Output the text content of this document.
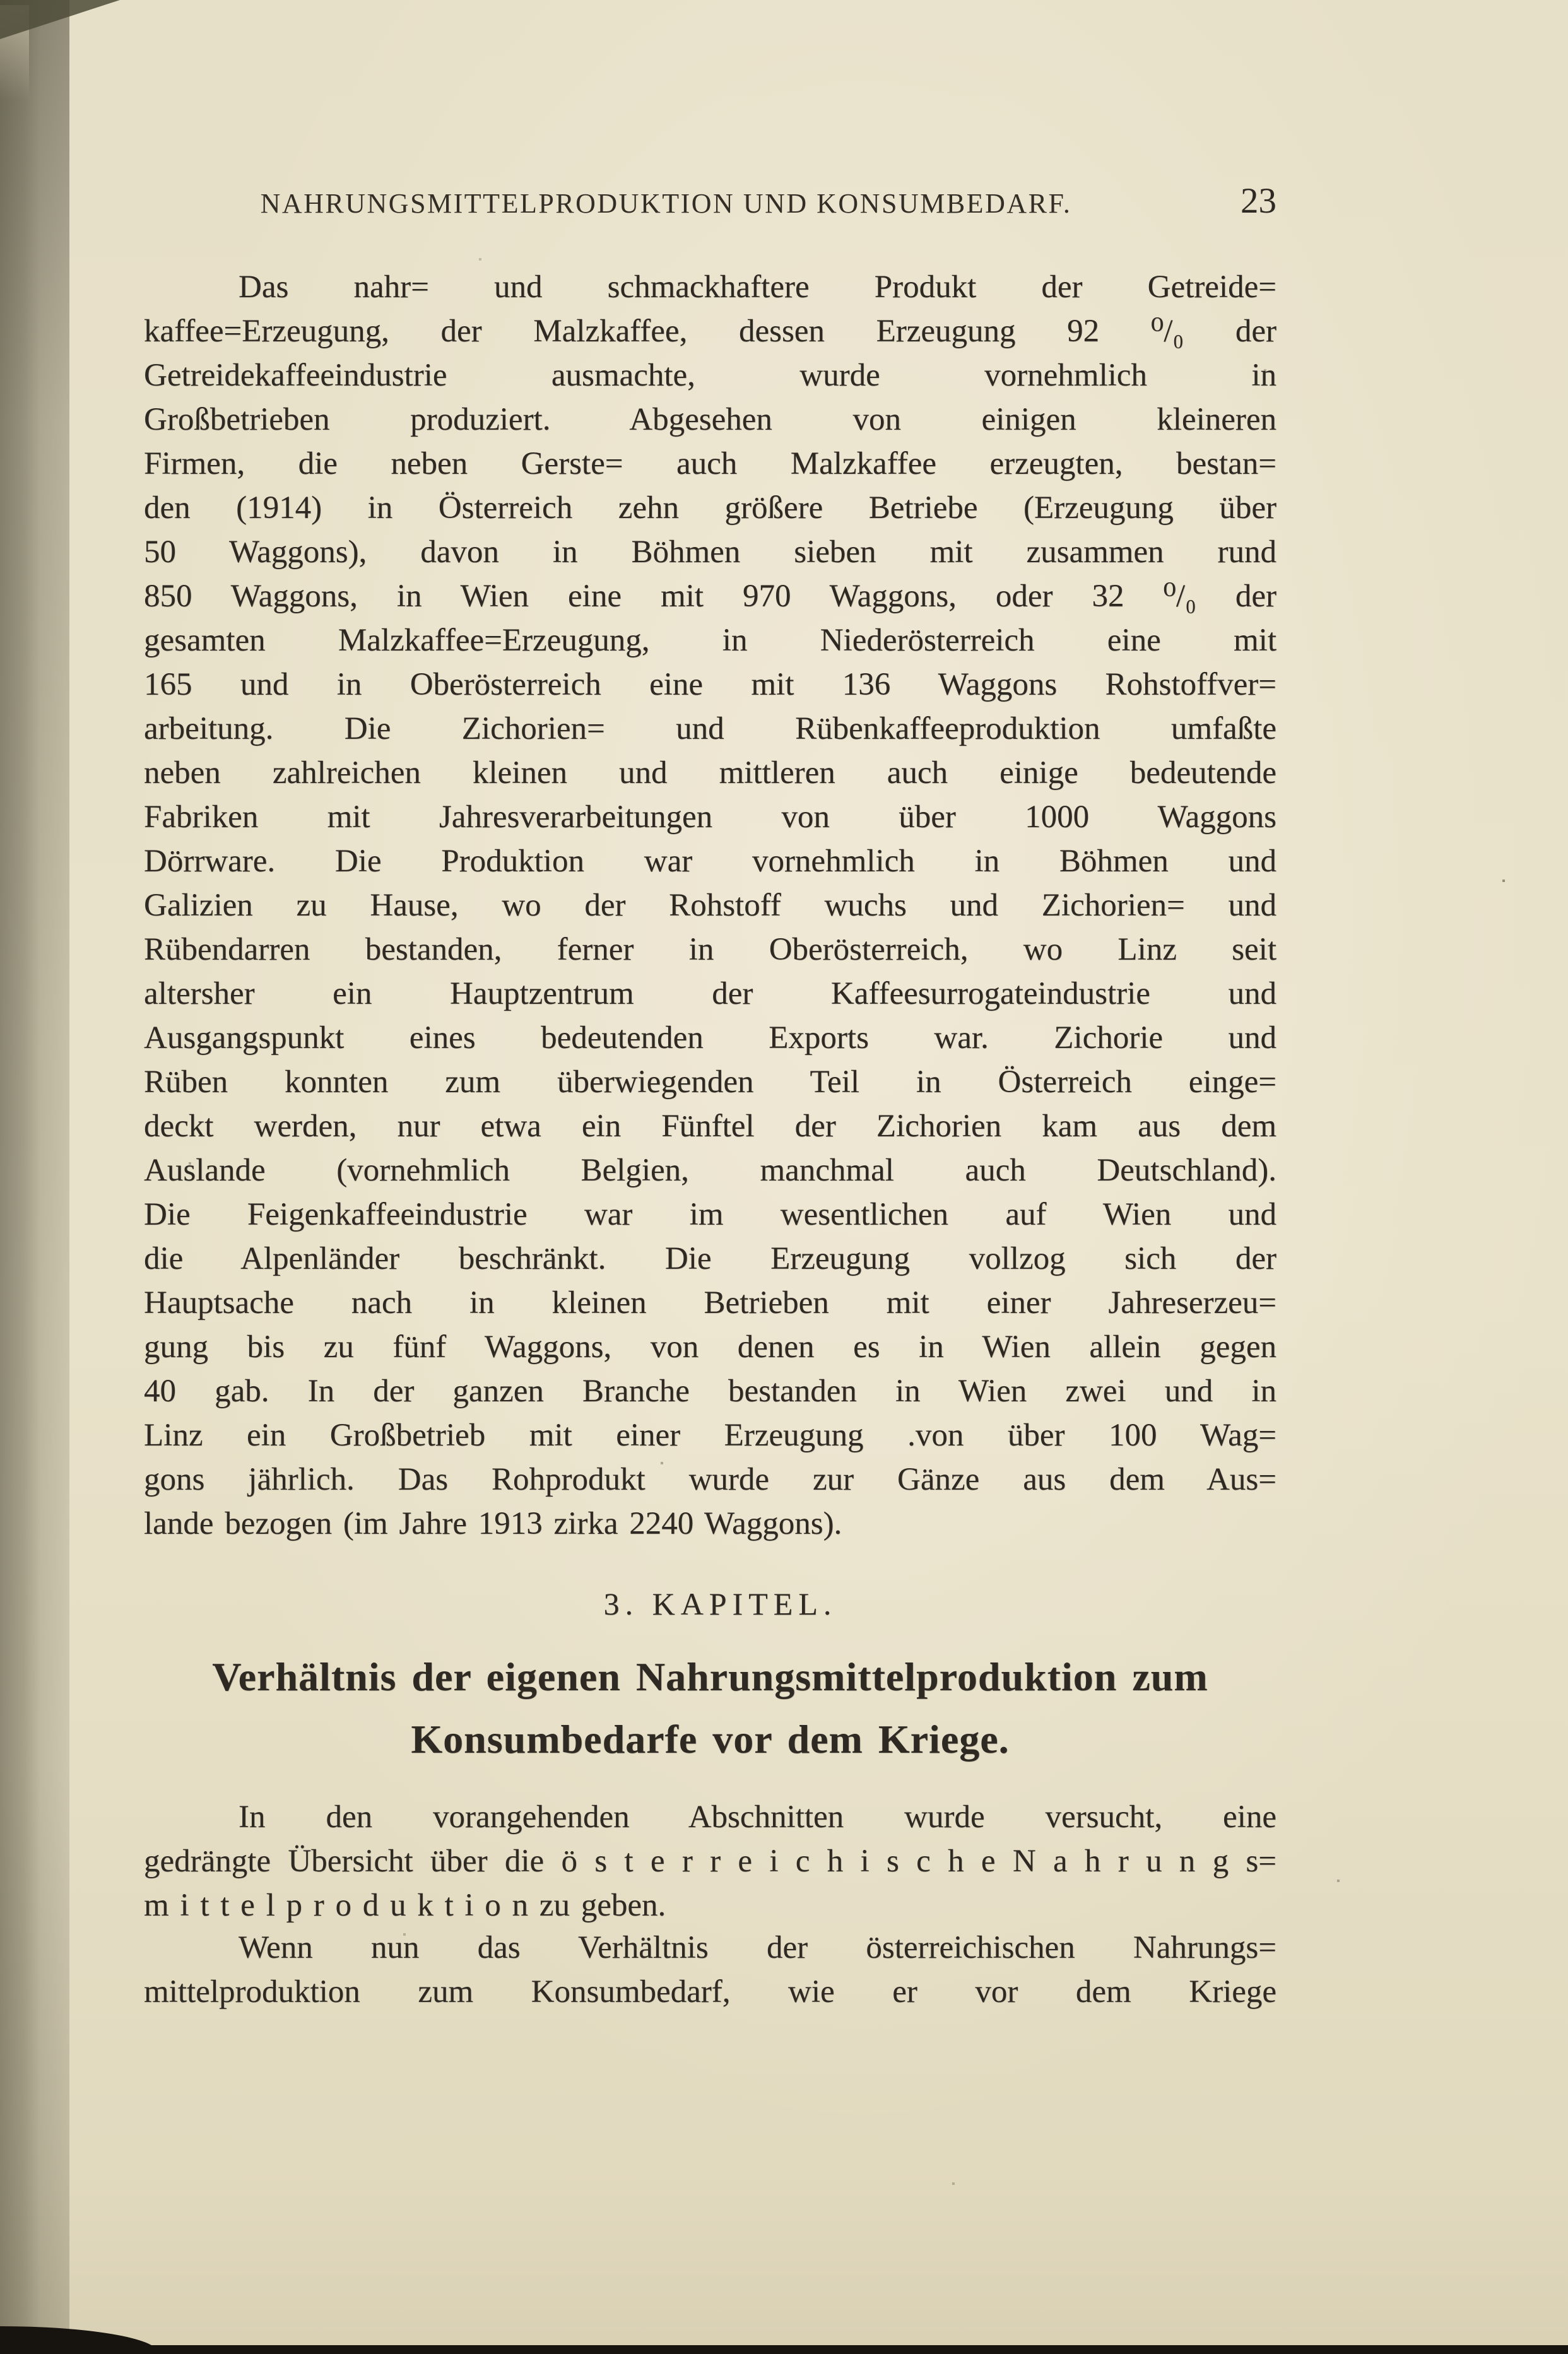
NAHRUNGSMITTELPRODUKTION UND KONSUMBEDARF.	23
Das nahr= und schmackhaftere Produkt der Getreide=
kaffee=Erzeugung, der Malzkaffee, dessen Erzeugung 92 ⁰/₀ der
Getreidekaffeeindustrie ausmachte, wurde vornehmlich in
Großbetrieben produziert. Abgesehen von einigen kleineren
Firmen, die neben Gerste= auch Malzkaffee erzeugten, bestan=
den (1914) in Österreich zehn größere Betriebe (Erzeugung über
50 Waggons), davon in Böhmen sieben mit zusammen rund
850 Waggons, in Wien eine mit 970 Waggons, oder 32 ⁰/₀ der
gesamten Malzkaffee=Erzeugung, in Niederösterreich eine mit
165 und in Oberösterreich eine mit 136 Waggons Rohstoffver=
arbeitung. Die Zichorien= und Rübenkaffeeproduktion umfaßte
neben zahlreichen kleinen und mittleren auch einige bedeutende
Fabriken mit Jahresverarbeitungen von über 1000 Waggons
Dörrware. Die Produktion war vornehmlich in Böhmen und
Galizien zu Hause, wo der Rohstoff wuchs und Zichorien= und
Rübendarren bestanden, ferner in Oberösterreich, wo Linz seit
altersher ein Hauptzentrum der Kaffeesurrogateindustrie und
Ausgangspunkt eines bedeutenden Exports war. Zichorie und
Rüben konnten zum überwiegenden Teil in Österreich einge=
deckt werden, nur etwa ein Fünftel der Zichorien kam aus dem
Auslande (vornehmlich Belgien, manchmal auch Deutschland).
Die Feigenkaffeeindustrie war im wesentlichen auf Wien und
die Alpenländer beschränkt. Die Erzeugung vollzog sich der
Hauptsache nach in kleinen Betrieben mit einer Jahreserzeu=
gung bis zu fünf Waggons, von denen es in Wien allein gegen
40 gab. In der ganzen Branche bestanden in Wien zwei und in
Linz ein Großbetrieb mit einer Erzeugung .von über 100 Wag=
gons jährlich. Das Rohprodukt wurde zur Gänze aus dem Aus=
lande bezogen (im Jahre 1913 zirka 2240 Waggons).
3. KAPITEL.
Verhältnis der eigenen Nahrungsmittelproduktion zum
Konsumbedarfe vor dem Kriege.
In den vorangehenden Abschnitten wurde versucht, eine
gedrängte Übersicht über die ö s t e r r e i c h i s c h e N a h r u n g s=
m i t t e l p r o d u k t i o n zu geben.
Wenn nun das Verhältnis der österreichischen Nahrungs=
mittelproduktion zum Konsumbedarf, wie er vor dem Kriege
